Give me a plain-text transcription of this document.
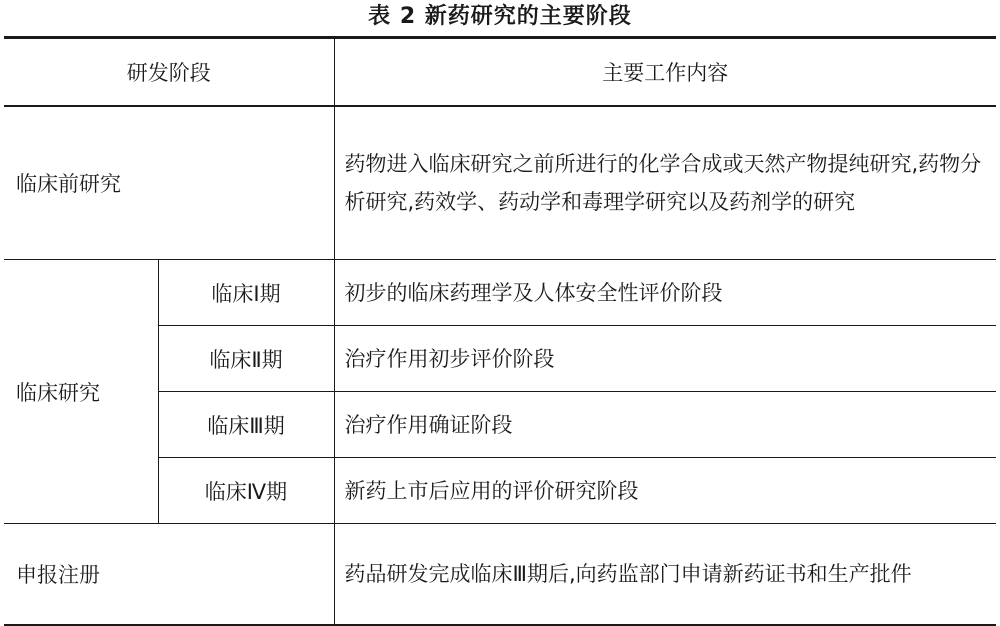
表 2 新药研究的主要阶段
研发阶段		主要工作内容
临床前研究		药物进入临床研究之前所进行的化学合成或天然产物提纯研究,药物分析研究,药效学、药动学和毒理学研究以及药剂学的研究
临床研究	临床Ⅰ期	初步的临床药理学及人体安全性评价阶段
	临床Ⅱ期	治疗作用初步评价阶段
	临床Ⅲ期	治疗作用确证阶段
	临床Ⅳ期	新药上市后应用的评价研究阶段
申报注册		药品研发完成临床Ⅲ期后,向药监部门申请新药证书和生产批件
